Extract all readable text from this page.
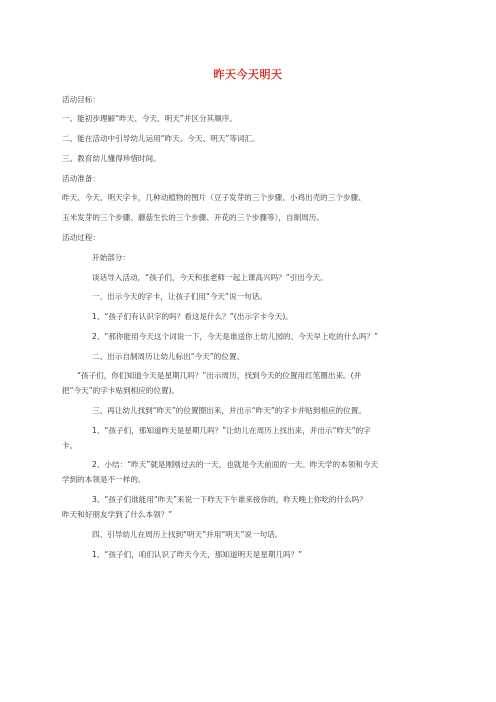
昨天今天明天
活动目标：
一、能初步理解“昨天、今天、明天”并区分其顺序。
二、能在活动中引导幼儿运用“昨天、今天、明天”等词汇。
三、教育幼儿懂得珍惜时间。
活动准备：
昨天、今天、明天字卡，几种动植物的图片（豆子发芽的三个步骤、小鸡出壳的三个步骤、
玉米发芽的三个步骤、蘑菇生长的三个步骤、开花的三个步骤等），自制周历。
活动过程：
开始部分：
谈话导入活动，“孩子们，今天和张老师一起上课高兴吗？”引出今天。
一、出示今天的字卡，让孩子们用“今天”说一句话。
1、“孩子们有认识字的吗？看这是什么？”(出示字卡今天)。
2、“那你能用今天这个词说一下，今天是谁送你上幼儿园的、今天早上吃的什么吗？”
二、出示自制周历让幼儿标出“今天”的位置、
“孩子们，你们知道今天是星期几吗？”出示周历，找到今天的位置用红笔圈出来。(并
把“今天”的字卡贴到相应的位置)。
三、再让幼儿找到“昨天”的位置圈出来，并出示“昨天”的字卡并贴到相应的位置。
1、“孩子们，那知道昨天是星期几吗？”让幼儿在周历上找出来，并出示“昨天”的字
卡。
2、小结：“昨天”就是刚刚过去的一天，也就是今天前面的一天。昨天学的本领和今天
学到的本领是不一样的。
3、“孩子们谁能用“昨天”来说一下昨天下午谁来接你的，昨天晚上你吃的什么吗？
昨天和好朋友学到了什么本领？”
四、引导幼儿在周历上找到“明天”并用“明天”说一句话。
1、“孩子们，咱们认识了昨天今天，那知道明天是星期几吗？”
